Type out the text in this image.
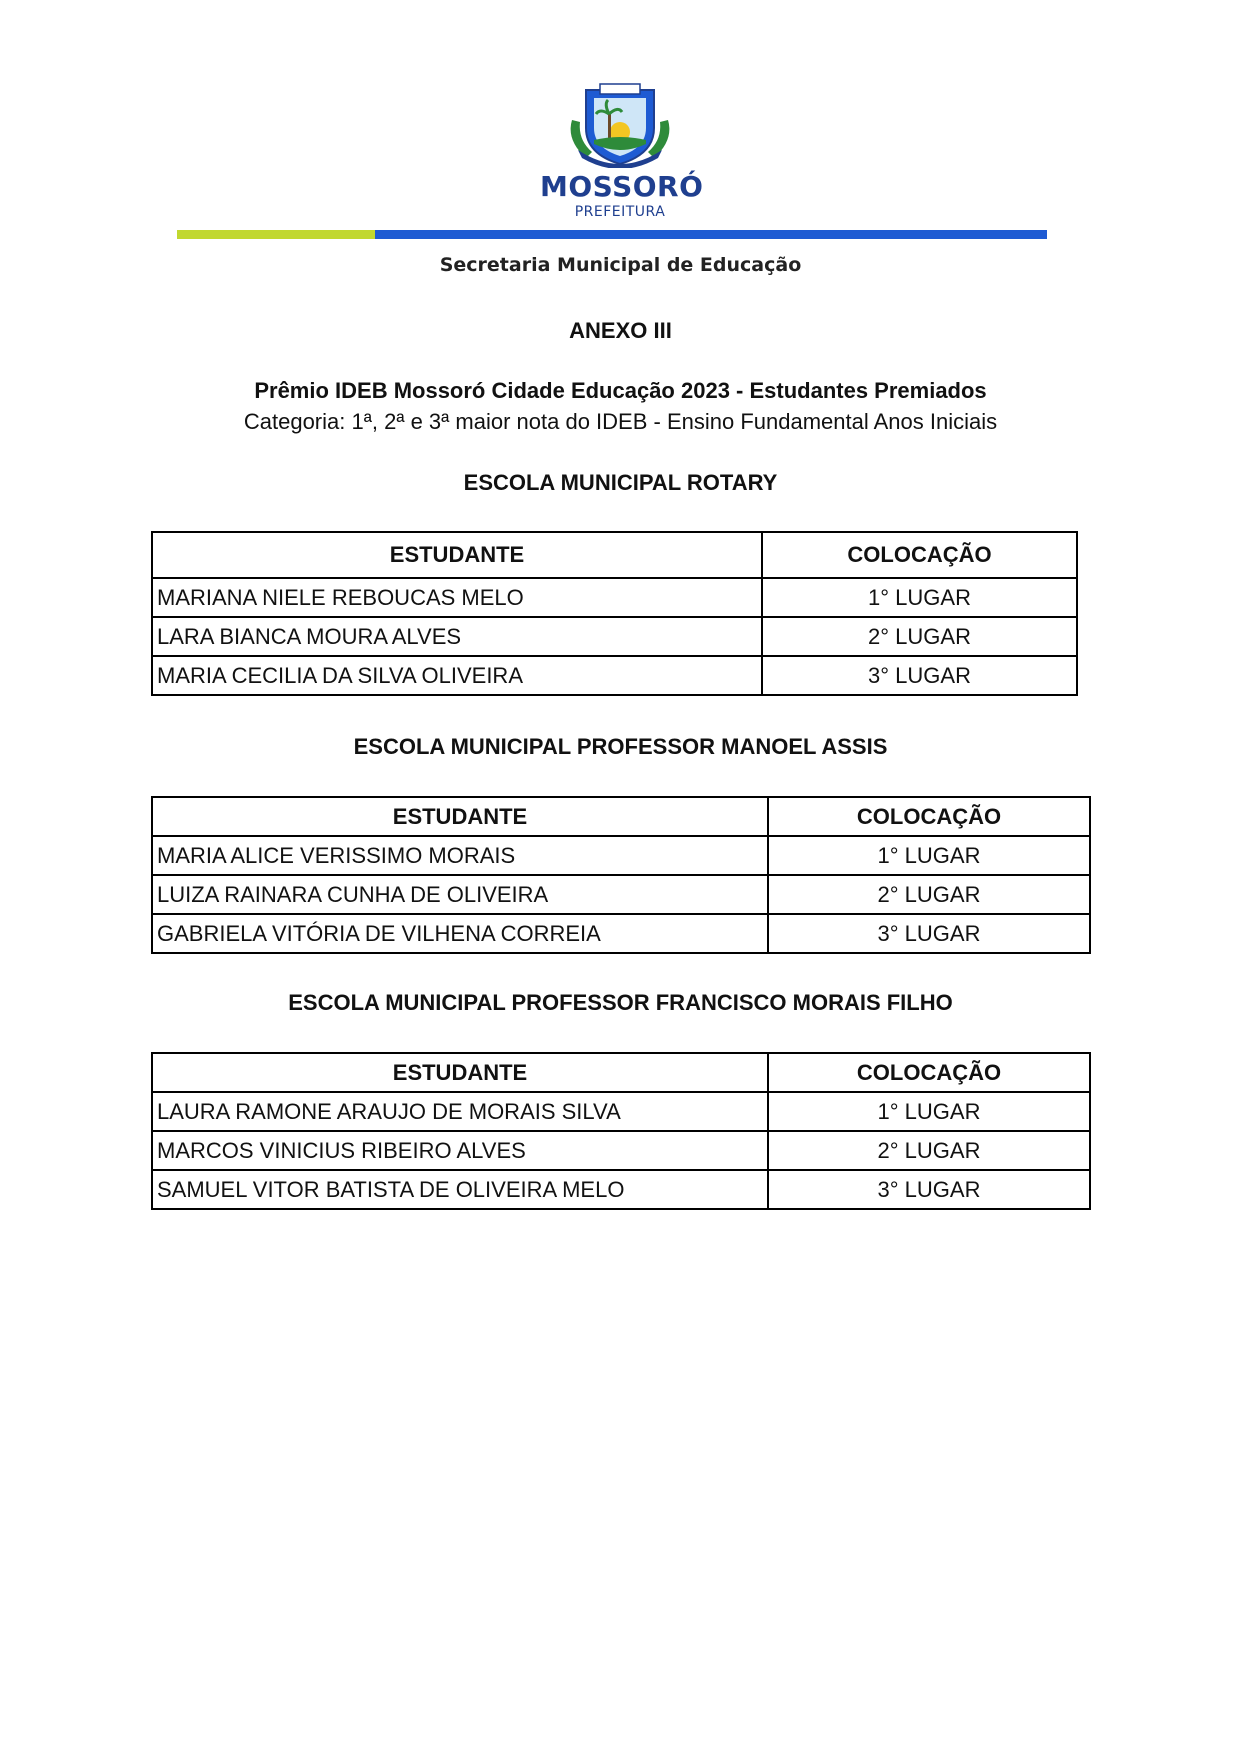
MOSSORÓ
PREFEITURA
Secretaria Municipal de Educação
ANEXO III
Prêmio IDEB Mossoró Cidade Educação 2023 - Estudantes Premiados
Categoria: 1ª, 2ª e 3ª maior nota do IDEB - Ensino Fundamental Anos Iniciais
ESCOLA MUNICIPAL ROTARY
ESTUDANTE	COLOCAÇÃO
MARIANA NIELE REBOUCAS MELO	1° LUGAR
LARA BIANCA MOURA ALVES	2° LUGAR
MARIA CECILIA DA SILVA OLIVEIRA	3° LUGAR
ESCOLA MUNICIPAL PROFESSOR MANOEL ASSIS
ESTUDANTE	COLOCAÇÃO
MARIA ALICE VERISSIMO MORAIS	1° LUGAR
LUIZA RAINARA CUNHA DE OLIVEIRA	2° LUGAR
GABRIELA VITÓRIA DE VILHENA CORREIA	3° LUGAR
ESCOLA MUNICIPAL PROFESSOR FRANCISCO MORAIS FILHO
ESTUDANTE	COLOCAÇÃO
LAURA RAMONE ARAUJO DE MORAIS SILVA	1° LUGAR
MARCOS VINICIUS RIBEIRO ALVES	2° LUGAR
SAMUEL VITOR BATISTA DE OLIVEIRA MELO	3° LUGAR
